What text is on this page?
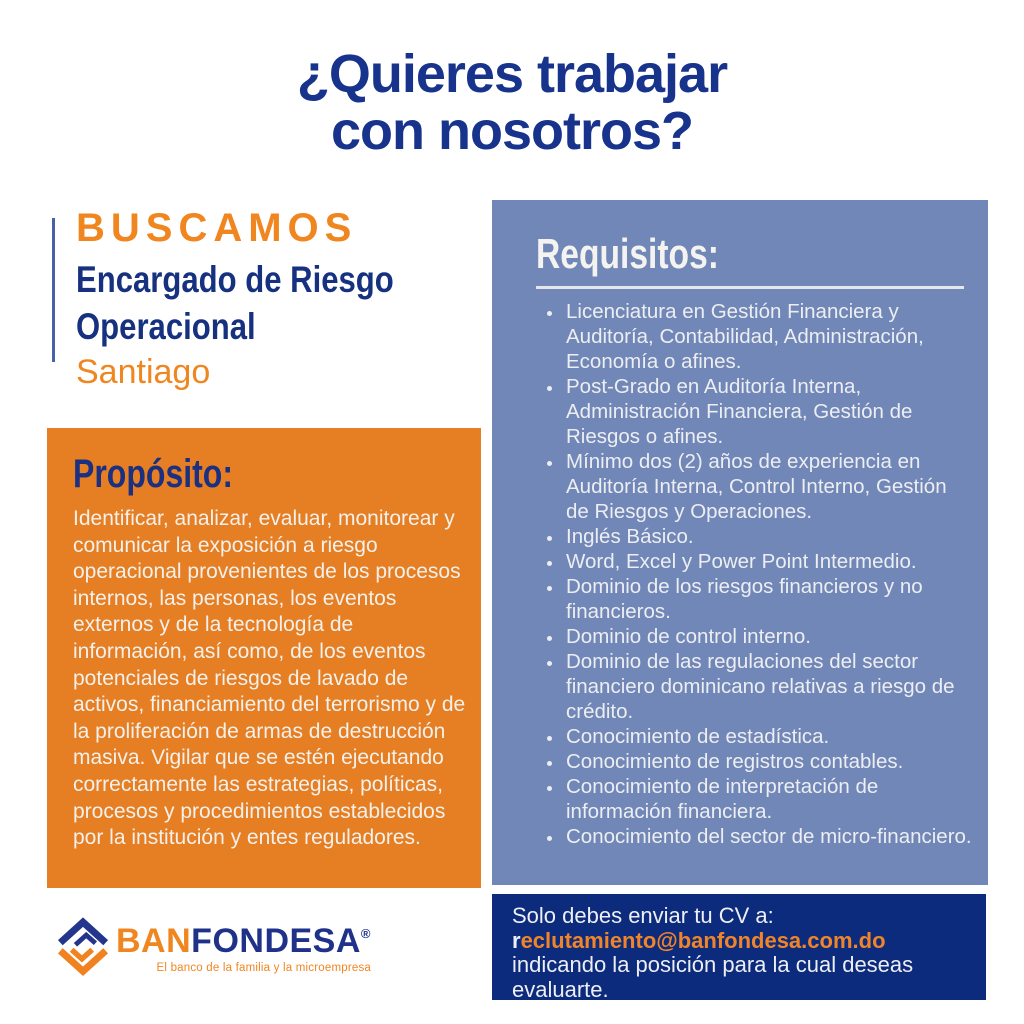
¿Quieres trabajar
con nosotros?
BUSCAMOS
Encargado de Riesgo Operacional
Santiago
Propósito:
Identificar, analizar, evaluar, monitorear y comunicar la exposición a riesgo operacional provenientes de los procesos internos, las personas, los eventos externos y de la tecnología de información, así como, de los eventos potenciales de riesgos de lavado de activos, financiamiento del terrorismo y de la proliferación de armas de destrucción masiva. Vigilar que se estén ejecutando correctamente las estrategias, políticas, procesos y procedimientos establecidos por la institución y entes reguladores.
Requisitos:
• Licenciatura en Gestión Financiera y Auditoría, Contabilidad, Administración, Economía o afines.
• Post-Grado en Auditoría Interna, Administración Financiera, Gestión de Riesgos o afines.
• Mínimo dos (2) años de experiencia en Auditoría Interna, Control Interno, Gestión de Riesgos y Operaciones.
• Inglés Básico.
• Word, Excel y Power Point Intermedio.
• Dominio de los riesgos financieros y no financieros.
• Dominio de control interno.
• Dominio de las regulaciones del sector financiero dominicano relativas a riesgo de crédito.
• Conocimiento de estadística.
• Conocimiento de registros contables.
• Conocimiento de interpretación de información financiera.
• Conocimiento del sector de micro-financiero.
Solo debes enviar tu CV a:
reclutamiento@banfondesa.com.do
indicando la posición para la cual deseas evaluarte.
BANFONDESA®
El banco de la familia y la microempresa
